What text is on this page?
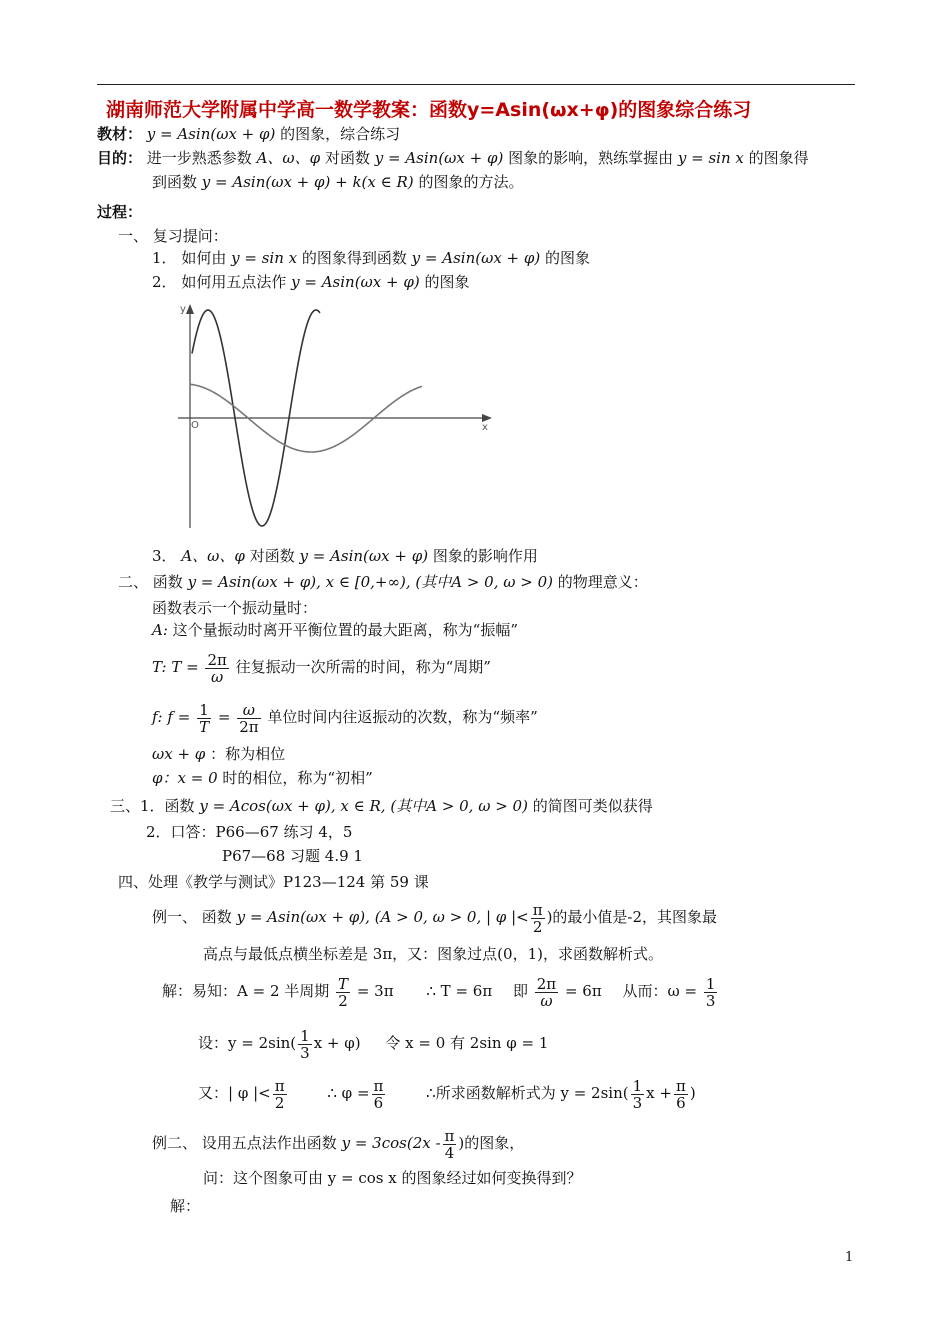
湖南师范大学附属中学高一数学教案：函数y=Asin(ωx+φ)的图象综合练习
教材： y = Asin(ωx + φ) 的图象，综合练习
目的： 进一步熟悉参数 A、ω、φ 对函数 y = Asin(ωx + φ) 图象的影响，熟练掌握由 y = sin x 的图象得
到函数 y = Asin(ωx + φ) + k(x ∈ R) 的图象的方法。
过程：
一、 复习提问：
1． 如何由 y = sin x 的图象得到函数 y = Asin(ωx + φ) 的图象
2． 如何用五点法作 y = Asin(ωx + φ) 的图象
x
y
O
3． A、ω、φ 对函数 y = Asin(ωx + φ) 图象的影响作用
二、 函数 y = Asin(ωx + φ), x ∈ [0,+∞), (其中A > 0, ω > 0) 的物理意义：
函数表示一个振动量时：
A: 这个量振动时离开平衡位置的最大距离，称为“振幅”
T: $T = \frac{2\pi}{\omega}$ 往复振动一次所需的时间，称为“周期”
f: $f = \frac{1}{T} = \frac{\omega}{2\pi}$ 单位时间内往返振动的次数，称为“频率”
ωx + φ ：称为相位
φ：x = 0 时的相位，称为“初相”
三、1．函数 y = Acos(ωx + φ), x ∈ R, (其中A > 0, ω > 0) 的简图可类似获得
2．口答：P66—67 练习 4，5
P67—68 习题 4.9 1
四、处理《教学与测试》P123—124 第 59 课
例一、 函数 y = Asin(ωx + φ), (A > 0, ω > 0, | φ |< $\frac{\pi}{2}$ )的最小值是-2，其图象最
高点与最低点横坐标差是 3π，又：图象过点(0，1)，求函数解析式。
解：易知：A = 2 半周期 $\frac{T}{2} = 3\pi$ ∴ T = 6π 即 $\frac{2\pi}{\omega} = 6\pi$ 从而：$\omega = \frac{1}{3}$
设：$y = 2\sin( \frac{1}{3}$ x + φ) 令 x = 0 有 2sin φ = 1
又：| φ |< $\frac{\pi}{2}$	∴ $\varphi = \frac{\pi}{6}$	∴所求函数解析式为 $y = 2\sin( \frac{1}{3}$ $x + \frac{\pi}{6}$ )
例二、 设用五点法作出函数 $y = 3\cos(2x - \frac{\pi}{4}$ )的图象，
问：这个图象可由 y = cos x 的图象经过如何变换得到？
解：
1
